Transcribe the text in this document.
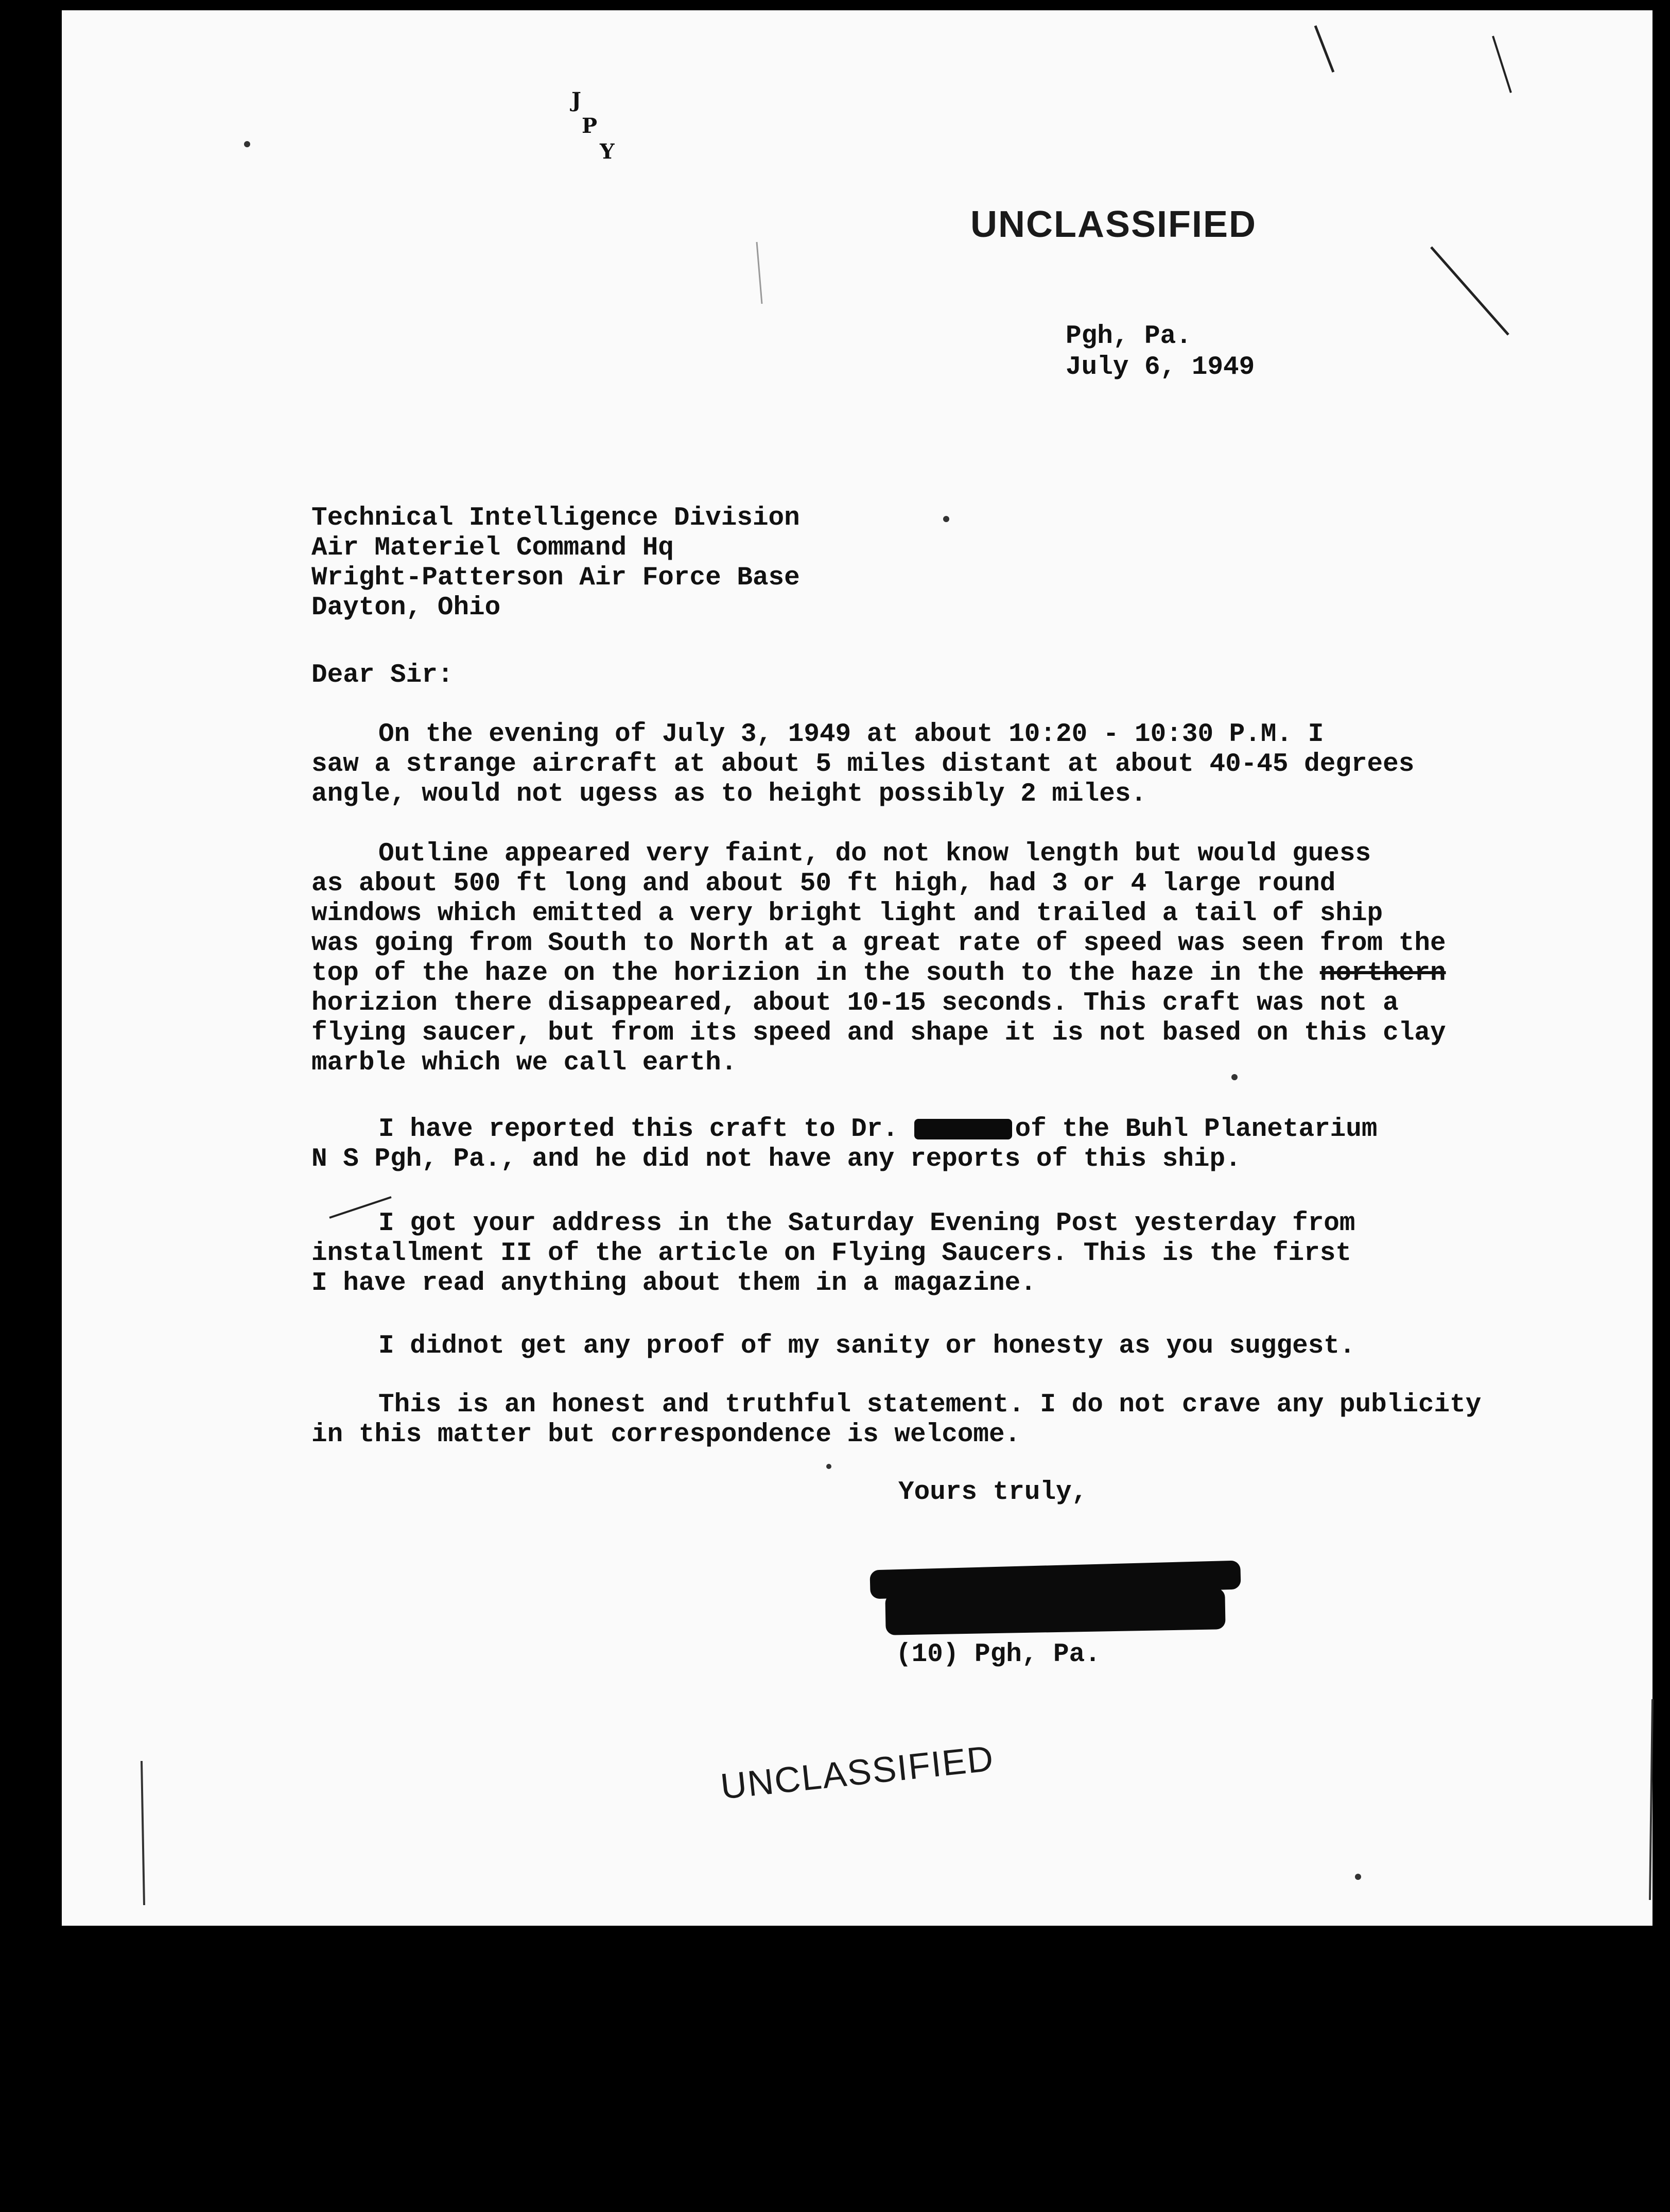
J
P
Y
UNCLASSIFIED
Pgh, Pa.
July 6, 1949
Technical Intelligence Division
Air Materiel Command Hq
Wright-Patterson Air Force Base
Dayton, Ohio
Dear Sir:
On the evening of July 3, 1949 at about 10:20 - 10:30 P.M. I
saw a strange aircraft at about 5 miles distant at about 40-45 degrees
angle, would not ugess as to height possibly 2 miles.
Outline appeared very faint, do not know length but would guess
as about 500 ft long and about 50 ft high, had 3 or 4 large round
windows which emitted a very bright light and trailed a tail of ship
was going from South to North at a great rate of speed was seen from the
top of the haze on the horizion in the south to the haze in the northern
horizion there disappeared, about 10-15 seconds. This craft was not a
flying saucer, but from its speed and shape it is not based on this clay
marble which we call earth.
I have reported this craft to Dr.	of the Buhl Planetarium
N S Pgh, Pa., and he did not have any reports of this ship.
I got your address in the Saturday Evening Post yesterday from
installment II of the article on Flying Saucers. This is the first
I have read anything about them in a magazine.
I didnot get any proof of my sanity or honesty as you suggest.
This is an honest and truthful statement. I do not crave any publicity
in this matter but correspondence is welcome.
Yours truly,
(10) Pgh, Pa.
UNCLASSIFIED
